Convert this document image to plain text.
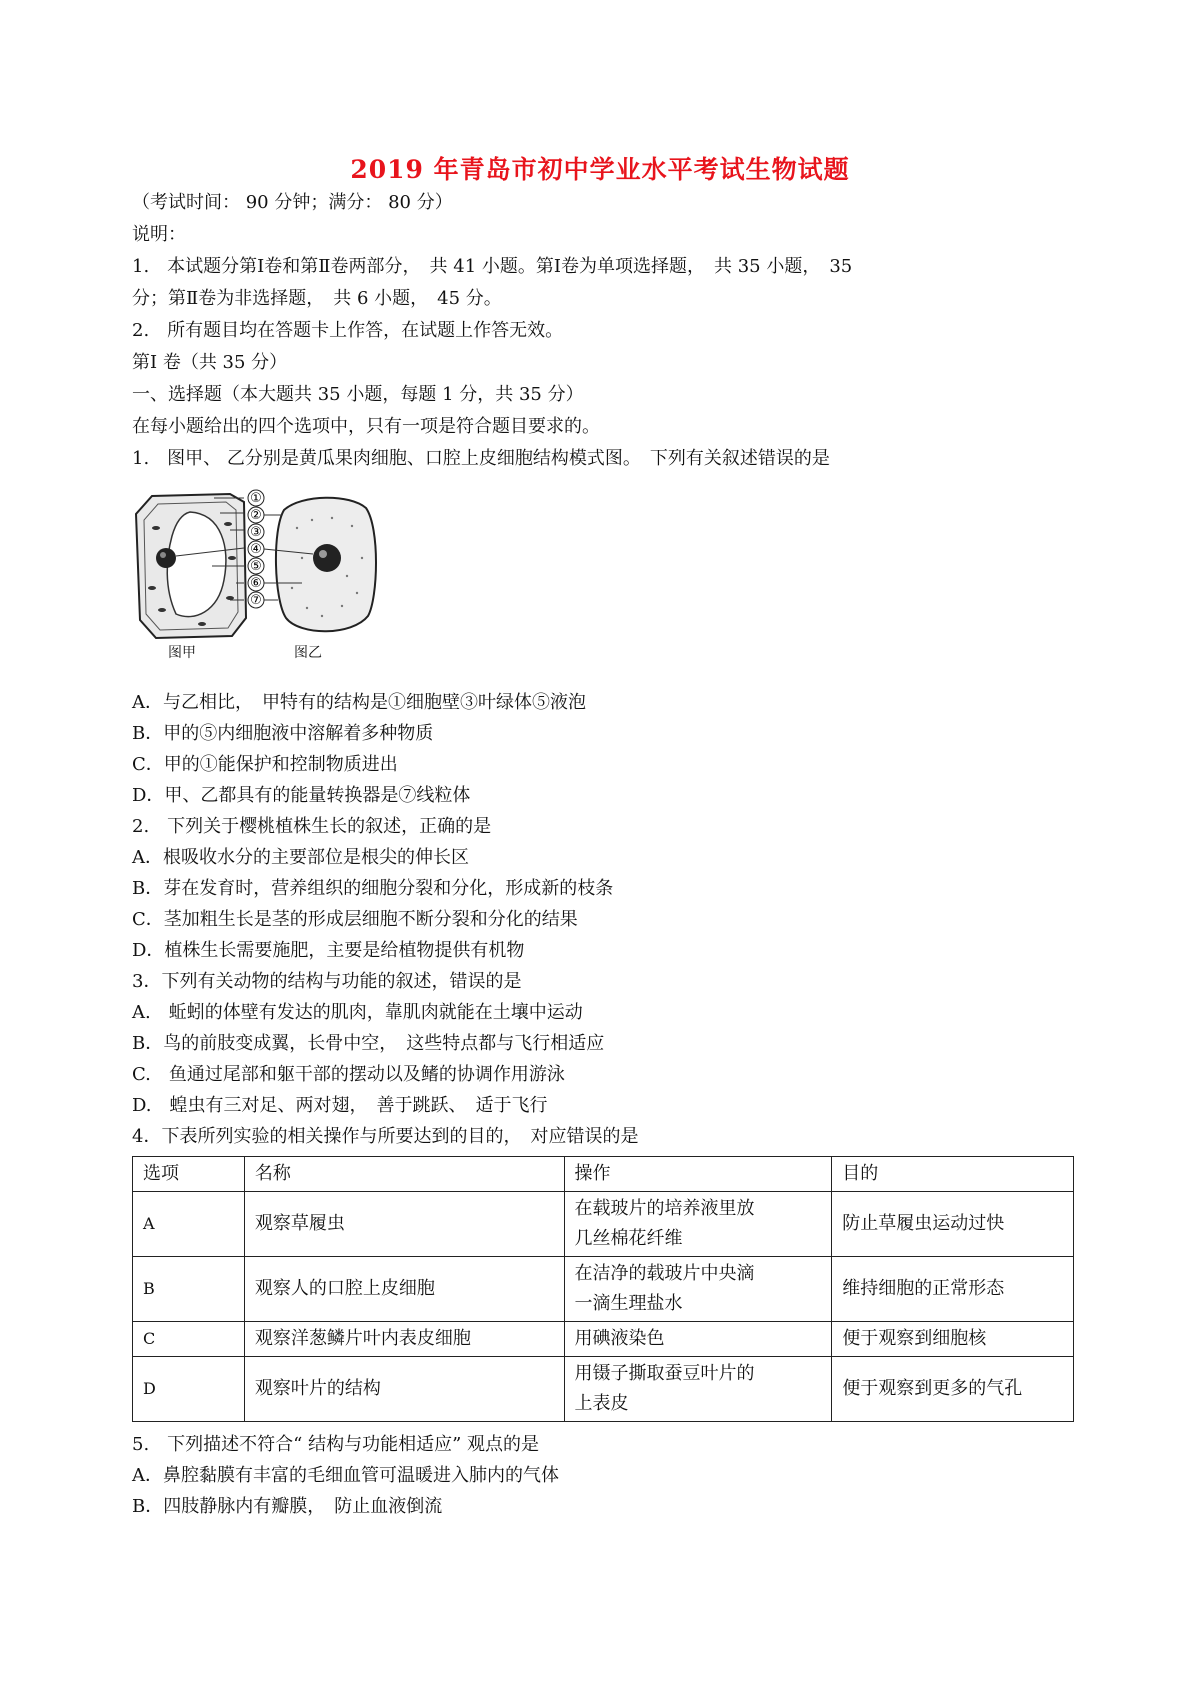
2019 年青岛市初中学业水平考试生物试题
（考试时间： 90 分钟；满分： 80 分）
说明：
1.　本试题分第Ⅰ卷和第Ⅱ卷两部分，　共 41 小题。第Ⅰ卷为单项选择题，　共 35 小题，　35
分；第Ⅱ卷为非选择题，　共 6 小题，　45 分。
2.　所有题目均在答题卡上作答，在试题上作答无效。
第Ⅰ 卷（共 35 分）
一、选择题（本大题共 35 小题，每题 1 分，共 35 分）
在每小题给出的四个选项中，只有一项是符合题目要求的。
1.　图甲、 乙分别是黄瓜果肉细胞、口腔上皮细胞结构模式图。　下列有关叙述错误的是
①
②
③
④
⑤
⑥
⑦
图甲	图乙
A．与乙相比，　甲特有的结构是①细胞壁③叶绿体⑤液泡
B．甲的⑤内细胞液中溶解着多种物质
C．甲的①能保护和控制物质进出
D．甲、乙都具有的能量转换器是⑦线粒体
2.　下列关于樱桃植株生长的叙述，正确的是
A．根吸收水分的主要部位是根尖的伸长区
B．芽在发育时，营养组织的细胞分裂和分化，形成新的枝条
C．茎加粗生长是茎的形成层细胞不断分裂和分化的结果
D．植株生长需要施肥，主要是给植物提供有机物
3．下列有关动物的结构与功能的叙述，错误的是
A.　蚯蚓的体壁有发达的肌肉，靠肌肉就能在土壤中运动
B．鸟的前肢变成翼，长骨中空，　这些特点都与飞行相适应
C.　鱼通过尾部和躯干部的摆动以及鳍的协调作用游泳
D.　蝗虫有三对足、两对翅，　善于跳跃、　适于飞行
4．下表所列实验的相关操作与所要达到的目的，　对应错误的是
选项	名称	操作	目的
A	观察草履虫	在载玻片的培养液里放
几丝棉花纤维	防止草履虫运动过快
B	观察人的口腔上皮细胞	在洁净的载玻片中央滴
一滴生理盐水	维持细胞的正常形态
C	观察洋葱鳞片叶内表皮细胞	用碘液染色	便于观察到细胞核
D	观察叶片的结构	用镊子撕取蚕豆叶片的
上表皮	便于观察到更多的气孔
5.　下列描述不符合“ 结构与功能相适应” 观点的是
A．鼻腔黏膜有丰富的毛细血管可温暖进入肺内的气体
B．四肢静脉内有瓣膜，　防止血液倒流
